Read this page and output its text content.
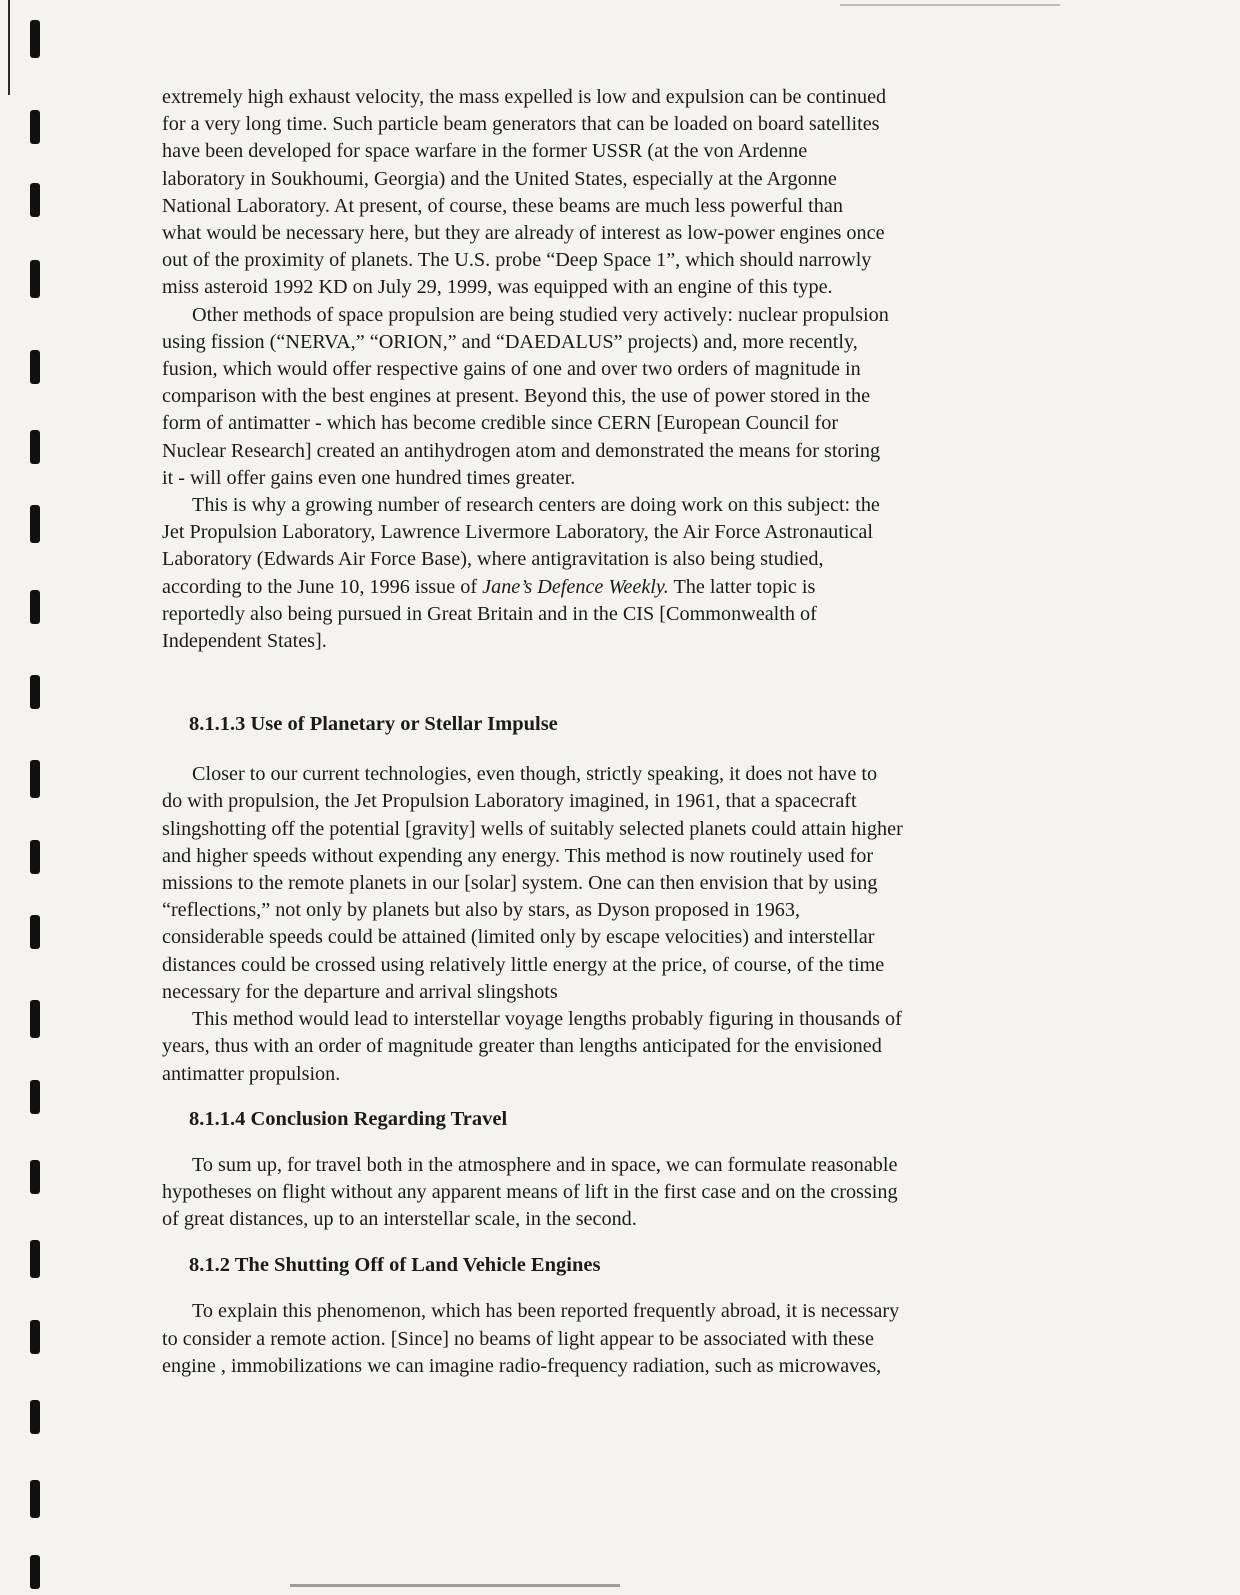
extremely high exhaust velocity, the mass expelled is low and expulsion can be continued
for a very long time. Such particle beam generators that can be loaded on board satellites
have been developed for space warfare in the former USSR (at the von Ardenne
laboratory in Soukhoumi, Georgia) and the United States, especially at the Argonne
National Laboratory. At present, of course, these beams are much less powerful than
what would be necessary here, but they are already of interest as low-power engines once
out of the proximity of planets. The U.S. probe “Deep Space 1”, which should narrowly
miss asteroid 1992 KD on July 29, 1999, was equipped with an engine of this type.

Other methods of space propulsion are being studied very actively: nuclear propulsion
using fission (“NERVA,” “ORION,” and “DAEDALUS” projects) and, more recently,
fusion, which would offer respective gains of one and over two orders of magnitude in
comparison with the best engines at present. Beyond this, the use of power stored in the
form of antimatter - which has become credible since CERN [European Council for
Nuclear Research] created an antihydrogen atom and demonstrated the means for storing
it - will offer gains even one hundred times greater.

This is why a growing number of research centers are doing work on this subject: the
Jet Propulsion Laboratory, Lawrence Livermore Laboratory, the Air Force Astronautical
Laboratory (Edwards Air Force Base), where antigravitation is also being studied,
according to the June 10, 1996 issue of Jane’s Defence Weekly. The latter topic is
reportedly also being pursued in Great Britain and in the CIS [Commonwealth of
Independent States].

8.1.1.3 Use of Planetary or Stellar Impulse

Closer to our current technologies, even though, strictly speaking, it does not have to
do with propulsion, the Jet Propulsion Laboratory imagined, in 1961, that a spacecraft
slingshotting off the potential [gravity] wells of suitably selected planets could attain higher
and higher speeds without expending any energy. This method is now routinely used for
missions to the remote planets in our [solar] system. One can then envision that by using
“reflections,” not only by planets but also by stars, as Dyson proposed in 1963,
considerable speeds could be attained (limited only by escape velocities) and interstellar
distances could be crossed using relatively little energy at the price, of course, of the time
necessary for the departure and arrival slingshots

This method would lead to interstellar voyage lengths probably figuring in thousands of
years, thus with an order of magnitude greater than lengths anticipated for the envisioned
antimatter propulsion.

8.1.1.4 Conclusion Regarding Travel

To sum up, for travel both in the atmosphere and in space, we can formulate reasonable
hypotheses on flight without any apparent means of lift in the first case and on the crossing
of great distances, up to an interstellar scale, in the second.

8.1.2 The Shutting Off of Land Vehicle Engines

To explain this phenomenon, which has been reported frequently abroad, it is necessary
to consider a remote action. [Since] no beams of light appear to be associated with these
engine , immobilizations we can imagine radio-frequency radiation, such as microwaves,
